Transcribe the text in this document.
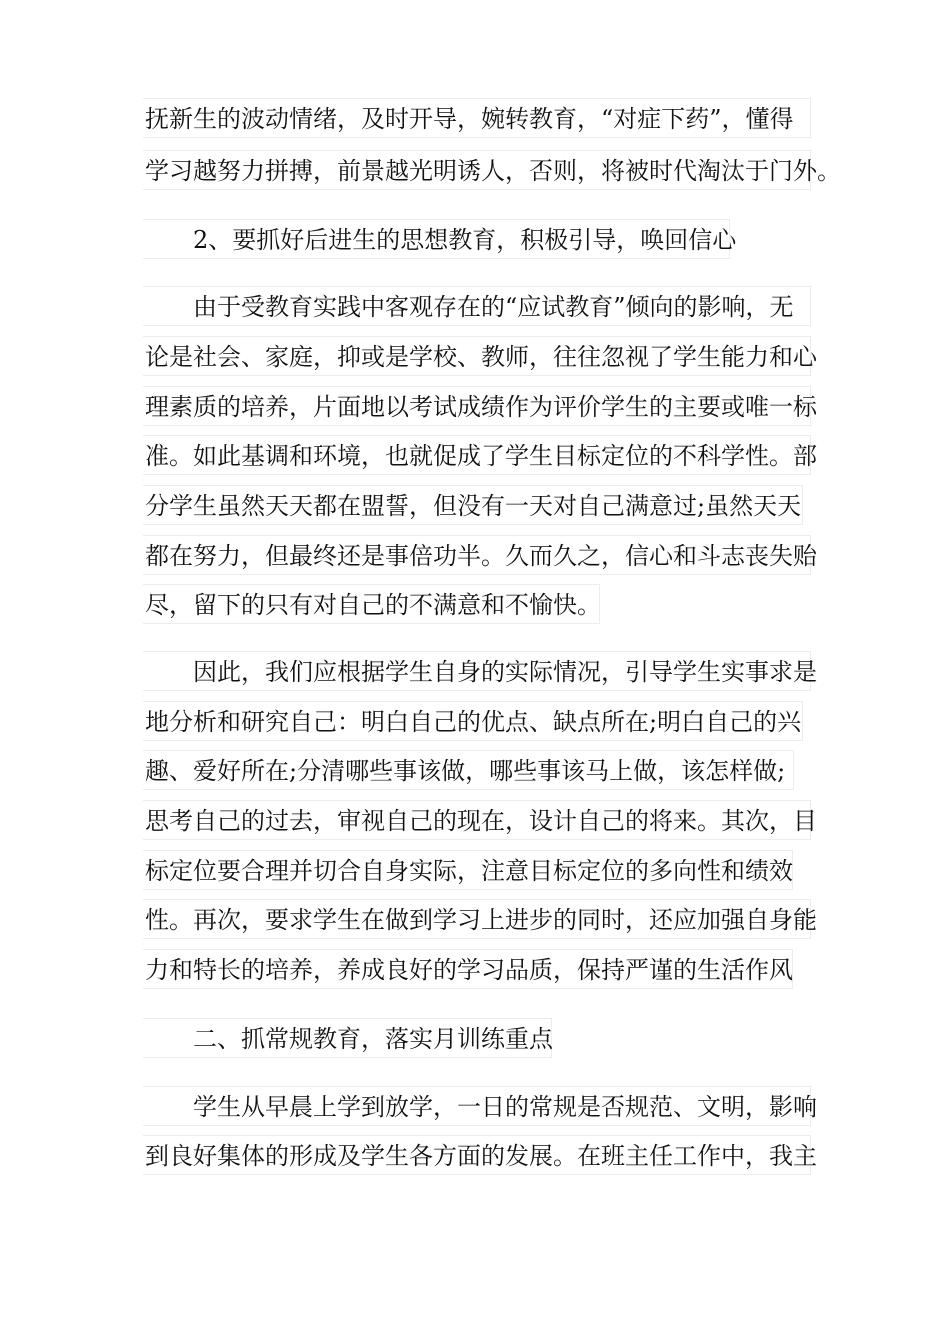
抚新生的波动情绪，及时开导，婉转教育，“对症下药”，懂得
学习越努力拼搏，前景越光明诱人，否则，将被时代淘汰于门外。
2、要抓好后进生的思想教育，积极引导，唤回信心
由于受教育实践中客观存在的“应试教育”倾向的影响，无
论是社会、家庭，抑或是学校、教师，往往忽视了学生能力和心
理素质的培养，片面地以考试成绩作为评价学生的主要或唯一标
准。如此基调和环境，也就促成了学生目标定位的不科学性。部
分学生虽然天天都在盟誓，但没有一天对自己满意过;虽然天天
都在努力，但最终还是事倍功半。久而久之，信心和斗志丧失贻
尽，留下的只有对自己的不满意和不愉快。
因此，我们应根据学生自身的实际情况，引导学生实事求是
地分析和研究自己：明白自己的优点、缺点所在;明白自己的兴
趣、爱好所在;分清哪些事该做，哪些事该马上做，该怎样做;
思考自己的过去，审视自己的现在，设计自己的将来。其次，目
标定位要合理并切合自身实际，注意目标定位的多向性和绩效
性。再次，要求学生在做到学习上进步的同时，还应加强自身能
力和特长的培养，养成良好的学习品质，保持严谨的生活作风
二、抓常规教育，落实月训练重点
学生从早晨上学到放学，一日的常规是否规范、文明，影响
到良好集体的形成及学生各方面的发展。在班主任工作中，我主
